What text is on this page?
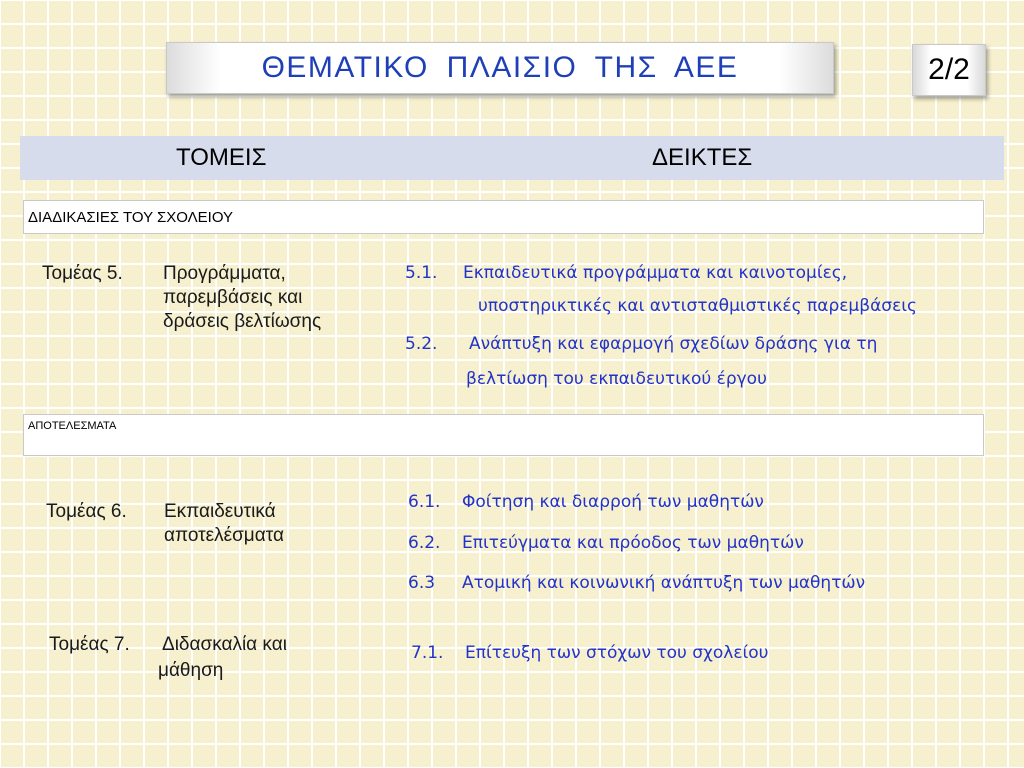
ΘΕΜΑΤΙΚΟ ΠΛΑΙΣΙΟ ΤΗΣ ΑΕΕ	2/2
ΤΟΜΕΙΣ	ΔΕΙΚΤΕΣ
ΔΙΑΔΙΚΑΣΙΕΣ ΤΟΥ ΣΧΟΛΕΙΟΥ
Τομέας 5. Προγράμματα,
παρεμβάσεις και
δράσεις βελτίωσης
5.1. Εκπαιδευτικά προγράμματα και καινοτομίες,
υποστηρικτικές και αντισταθμιστικές παρεμβάσεις
5.2. Ανάπτυξη και εφαρμογή σχεδίων δράσης για τη
βελτίωση του εκπαιδευτικού έργου
ΑΠΟΤΕΛΕΣΜΑΤΑ
Τομέας 6. Εκπαιδευτικά
αποτελέσματα
6.1. Φοίτηση και διαρροή των μαθητών
6.2. Επιτεύγματα και πρόοδος των μαθητών
6.3 Ατομική και κοινωνική ανάπτυξη των μαθητών
Τομέας 7. Διδασκαλία και
μάθηση
7.1. Επίτευξη των στόχων του σχολείου
